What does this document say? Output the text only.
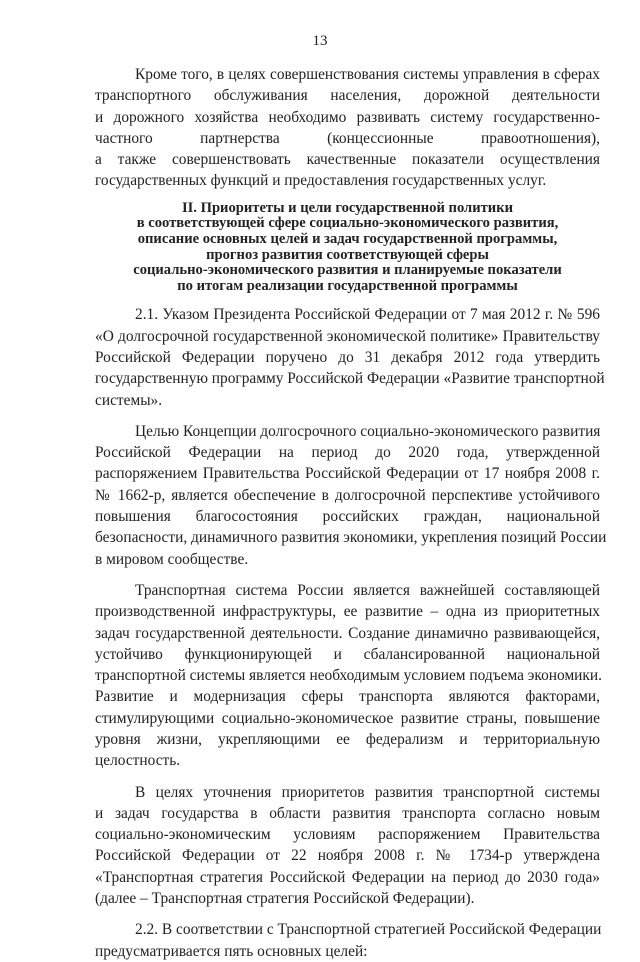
13
Кроме того, в целях совершенствования системы управления в сферах
транспортного обслуживания населения, дорожной деятельности
и дорожного хозяйства необходимо развивать систему государственно-
частного партнерства (концессионные правоотношения),
а также совершенствовать качественные показатели осуществления
государственных функций и предоставления государственных услуг.
II. Приоритеты и цели государственной политики
в соответствующей сфере социально-экономического развития,
описание основных целей и задач государственной программы,
прогноз развития соответствующей сферы
социально-экономического развития и планируемые показатели
по итогам реализации государственной программы
2.1. Указом Президента Российской Федерации от 7 мая 2012 г. № 596
«О долгосрочной государственной экономической политике» Правительству
Российской Федерации поручено до 31 декабря 2012 года утвердить
государственную программу Российской Федерации «Развитие транспортной
системы».
Целью Концепции долгосрочного социально-экономического развития
Российской Федерации на период до 2020 года, утвержденной
распоряжением Правительства Российской Федерации от 17 ноября 2008 г.
№ 1662-р, является обеспечение в долгосрочной перспективе устойчивого
повышения благосостояния российских граждан, национальной
безопасности, динамичного развития экономики, укрепления позиций России
в мировом сообществе.
Транспортная система России является важнейшей составляющей
производственной инфраструктуры, ее развитие – одна из приоритетных
задач государственной деятельности. Создание динамично развивающейся,
устойчиво функционирующей и сбалансированной национальной
транспортной системы является необходимым условием подъема экономики.
Развитие и модернизация сферы транспорта являются факторами,
стимулирующими социально-экономическое развитие страны, повышение
уровня жизни, укрепляющими ее федерализм и территориальную
целостность.
В целях уточнения приоритетов развития транспортной системы
и задач государства в области развития транспорта согласно новым
социально-экономическим условиям распоряжением Правительства
Российской Федерации от 22 ноября 2008 г. № 1734-р утверждена
«Транспортная стратегия Российской Федерации на период до 2030 года»
(далее – Транспортная стратегия Российской Федерации).
2.2. В соответствии с Транспортной стратегией Российской Федерации
предусматривается пять основных целей:
